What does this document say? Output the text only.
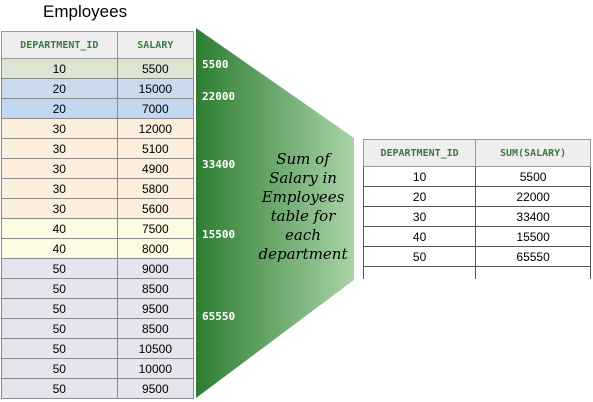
Employees
DEPARTMENT_ID	SALARY
10	5500
20	15000
20	7000
30	12000
30	5100
30	4900
30	5800
30	5600
40	7500
40	8000
50	9000
50	8500
50	9500
50	8500
50	10500
50	10000
50	9500
5500
22000
33400
15500
65550
Sum of
Salary in
Employees
table for
each
department
DEPARTMENT_ID	SUM(SALARY)
10	5500
20	22000
30	33400
40	15500
50	65550
